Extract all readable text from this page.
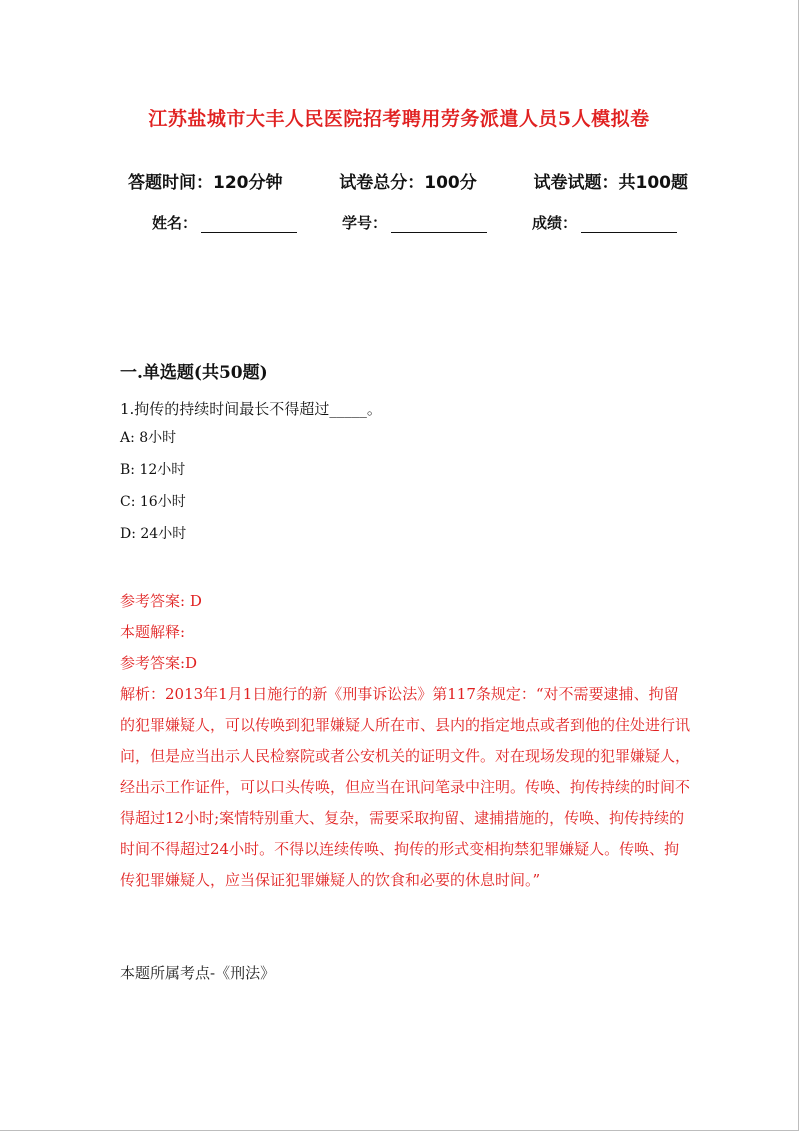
江苏盐城市大丰人民医院招考聘用劳务派遣人员5人模拟卷
答题时间：120分钟	试卷总分：100分	试卷试题：共100题
姓名：	学号：	成绩：
一.单选题(共50题)
1.拘传的持续时间最长不得超过_____。
A: 8小时
B: 12小时
C: 16小时
D: 24小时
参考答案: D
本题解释:
参考答案:D

解析：2013年1月1日施行的新《刑事诉讼法》第117条规定：“对不需要逮捕、拘留的犯罪嫌疑人，可以传唤到犯罪嫌疑人所在市、县内的指定地点或者到他的住处进行讯问，但是应当出示人民检察院或者公安机关的证明文件。对在现场发现的犯罪嫌疑人，经出示工作证件，可以口头传唤，但应当在讯问笔录中注明。传唤、拘传持续的时间不得超过12小时;案情特别重大、复杂，需要采取拘留、逮捕措施的，传唤、拘传持续的时间不得超过24小时。不得以连续传唤、拘传的形式变相拘禁犯罪嫌疑人。传唤、拘传犯罪嫌疑人，应当保证犯罪嫌疑人的饮食和必要的休息时间。”

本题所属考点-《刑法》
